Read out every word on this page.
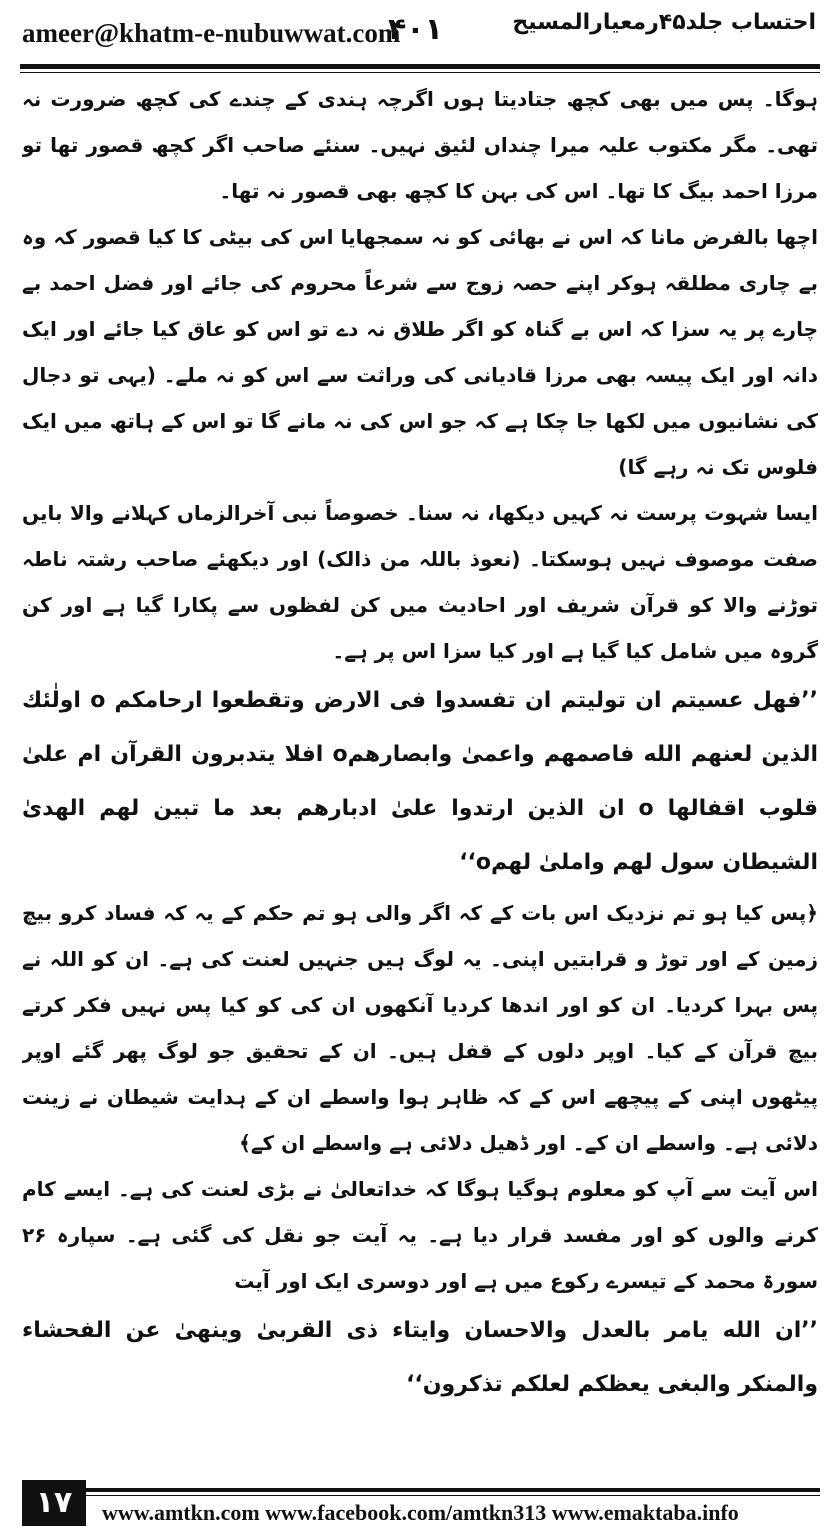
ameer@khatm-e-nubuwwat.com
۴۰۱	احتساب جلد۴۵رمعیارالمسیح

ہوگا۔ پس میں بھی کچھ جتادیتا ہوں اگرچہ ہندی کے چندے کی کچھ ضرورت نہ تھی۔ مگر مکتوب علیہ میرا چنداں لئیق نہیں۔ سنئے صاحب اگر کچھ قصور تھا تو مرزا احمد بیگ کا تھا۔ اس کی بہن کا کچھ بھی قصور نہ تھا۔

اچھا بالفرض مانا کہ اس نے بھائی کو نہ سمجھایا اس کی بیٹی کا کیا قصور کہ وہ بے چاری مطلقہ ہوکر اپنے حصہ زوج سے شرعاً محروم کی جائے اور فضل احمد بے چارے پر یہ سزا کہ اس بے گناہ کو اگر طلاق نہ دے تو اس کو عاق کیا جائے اور ایک دانہ اور ایک پیسہ بھی مرزا قادیانی کی وراثت سے اس کو نہ ملے۔ (یہی تو دجال کی نشانیوں میں لکھا جا چکا ہے کہ جو اس کی نہ مانے گا تو اس کے ہاتھ میں ایک فلوس تک نہ رہے گا)

ایسا شہوت پرست نہ کہیں دیکھا، نہ سنا۔ خصوصاً نبی آخرالزماں کہلانے والا بایں صفت موصوف نہیں ہوسکتا۔ (نعوذ باللہ من ذالک) اور دیکھئے صاحب رشتہ ناطہ توڑنے والا کو قرآن شریف اور احادیث میں کن لفظوں سے پکارا گیا ہے اور کن گروہ میں شامل کیا گیا ہے اور کیا سزا اس پر ہے۔

’’فهل عسيتم ان توليتم ان تفسدوا فى الارض وتقطعوا ارحامكم o اولٰئك الذين لعنهم الله فاصمهم واعمىٰ وابصارهمo افلا يتدبرون القرآن ام علىٰ قلوب اقفالها o ان الذين ارتدوا علىٰ ادبارهم بعد ما تبين لهم الهدىٰ الشيطان سول لهم واملىٰ لهمo‘‘

﴿پس کیا ہو تم نزدیک اس بات کے کہ اگر والی ہو تم حکم کے یہ کہ فساد کرو بیچ زمین کے اور توڑ و قرابتیں اپنی۔ یہ لوگ ہیں جنہیں لعنت کی ہے۔ ان کو اللہ نے پس بہرا کردیا۔ ان کو اور اندھا کردیا آنکھوں ان کی کو کیا پس نہیں فکر کرتے بیچ قرآن کے کیا۔ اوپر دلوں کے قفل ہیں۔ ان کے تحقیق جو لوگ پھر گئے اوپر پیٹھوں اپنی کے پیچھے اس کے کہ ظاہر ہوا واسطے ان کے ہدایت شیطان نے زینت دلائی ہے۔ واسطے ان کے۔ اور ڈھیل دلائی ہے واسطے ان کے﴾

اس آیت سے آپ کو معلوم ہوگیا ہوگا کہ خداتعالیٰ نے بڑی لعنت کی ہے۔ ایسے کام کرنے والوں کو اور مفسد قرار دیا ہے۔ یہ آیت جو نقل کی گئی ہے۔ سپارہ ۲۶ سورۃ محمد کے تیسرے رکوع میں ہے اور دوسری ایک اور آیت

’’ان الله يامر بالعدل والاحسان وايتاء ذى القربىٰ وينهىٰ عن الفحشاء والمنكر والبغى يعظكم لعلكم تذكرون‘‘

۱۷	www.amtkn.com www.facebook.com/amtkn313 www.emaktaba.info
